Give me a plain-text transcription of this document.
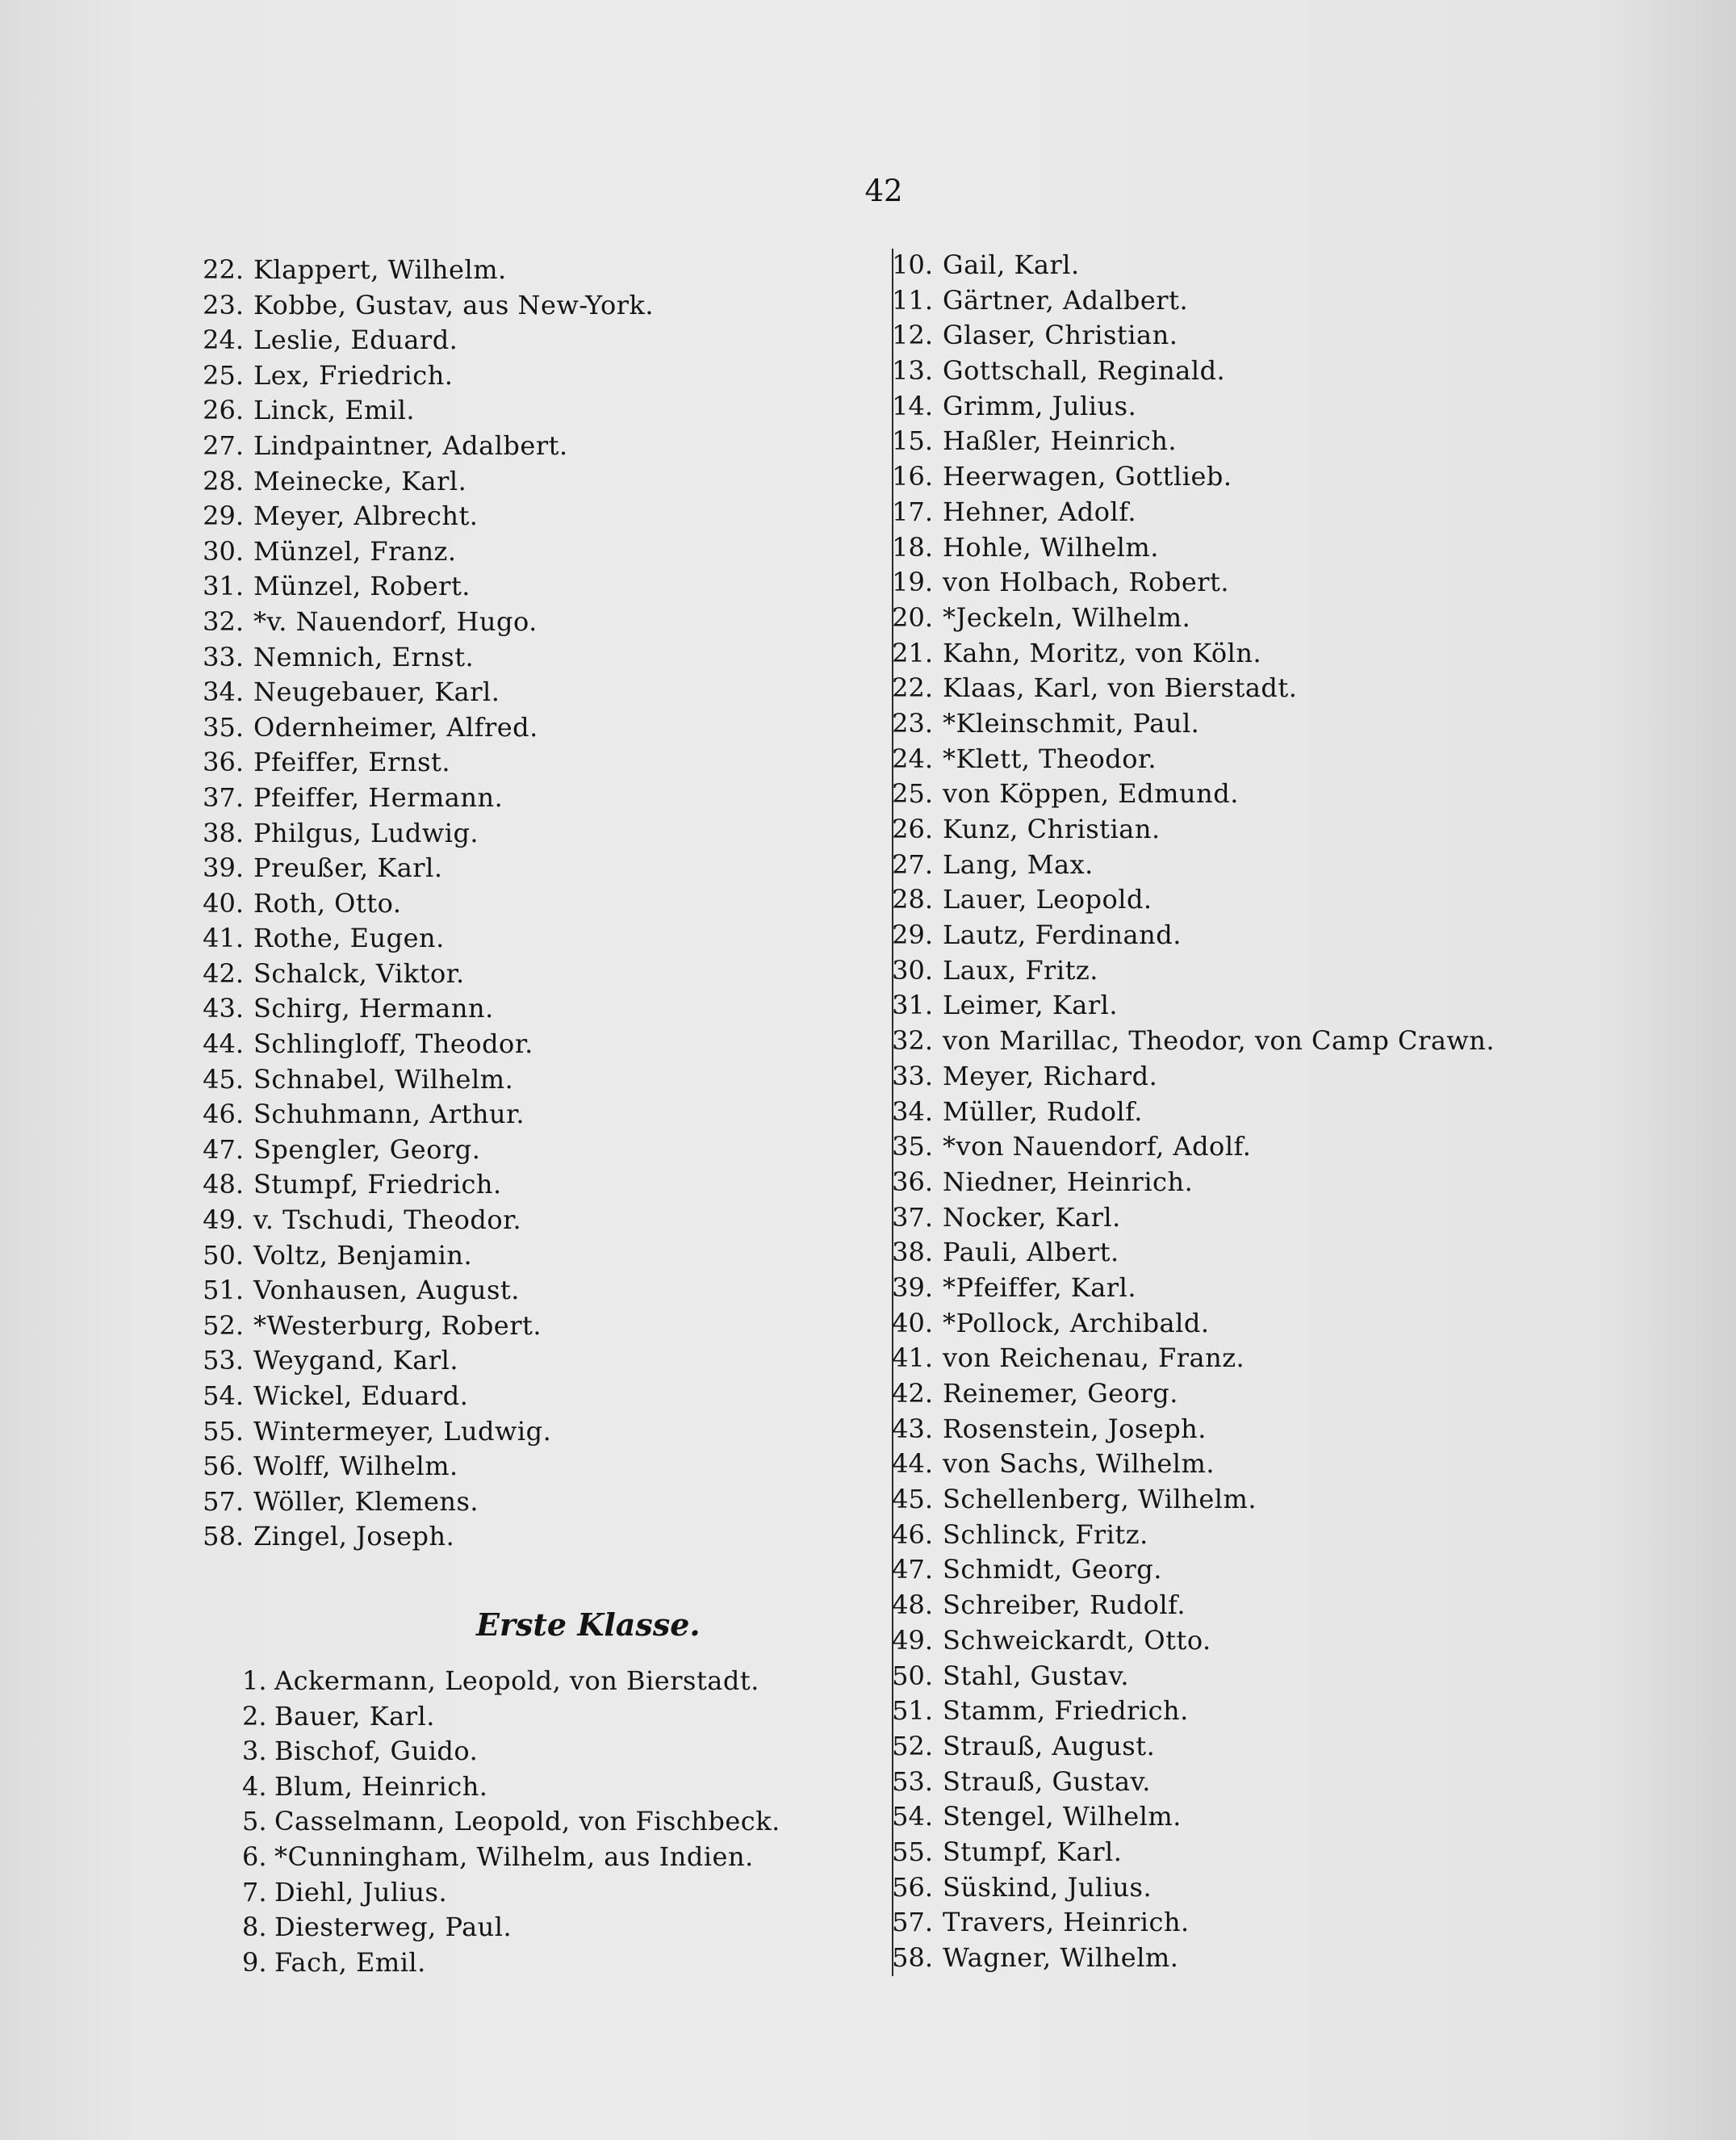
42
22. Klappert, Wilhelm.
23. Kobbe, Gustav, aus New-York.
24. Leslie, Eduard.
25. Lex, Friedrich.
26. Linck, Emil.
27. Lindpaintner, Adalbert.
28. Meinecke, Karl.
29. Meyer, Albrecht.
30. Münzel, Franz.
31. Münzel, Robert.
32. *v. Nauendorf, Hugo.
33. Nemnich, Ernst.
34. Neugebauer, Karl.
35. Odernheimer, Alfred.
36. Pfeiffer, Ernst.
37. Pfeiffer, Hermann.
38. Philgus, Ludwig.
39. Preußer, Karl.
40. Roth, Otto.
41. Rothe, Eugen.
42. Schalck, Viktor.
43. Schirg, Hermann.
44. Schlingloff, Theodor.
45. Schnabel, Wilhelm.
46. Schuhmann, Arthur.
47. Spengler, Georg.
48. Stumpf, Friedrich.
49. v. Tschudi, Theodor.
50. Voltz, Benjamin.
51. Vonhausen, August.
52. *Westerburg, Robert.
53. Weygand, Karl.
54. Wickel, Eduard.
55. Wintermeyer, Ludwig.
56. Wolff, Wilhelm.
57. Wöller, Klemens.
58. Zingel, Joseph.
Erste Klasse.
1. Ackermann, Leopold, von Bierstadt.
2. Bauer, Karl.
3. Bischof, Guido.
4. Blum, Heinrich.
5. Casselmann, Leopold, von Fischbeck.
6. *Cunningham, Wilhelm, aus Indien.
7. Diehl, Julius.
8. Diesterweg, Paul.
9. Fach, Emil.
10. Gail, Karl.
11. Gärtner, Adalbert.
12. Glaser, Christian.
13. Gottschall, Reginald.
14. Grimm, Julius.
15. Haßler, Heinrich.
16. Heerwagen, Gottlieb.
17. Hehner, Adolf.
18. Hohle, Wilhelm.
19. von Holbach, Robert.
20. *Jeckeln, Wilhelm.
21. Kahn, Moritz, von Köln.
22. Klaas, Karl, von Bierstadt.
23. *Kleinschmit, Paul.
24. *Klett, Theodor.
25. von Köppen, Edmund.
26. Kunz, Christian.
27. Lang, Max.
28. Lauer, Leopold.
29. Lautz, Ferdinand.
30. Laux, Fritz.
31. Leimer, Karl.
32. von Marillac, Theodor, von Camp Crawn.
33. Meyer, Richard.
34. Müller, Rudolf.
35. *von Nauendorf, Adolf.
36. Niedner, Heinrich.
37. Nocker, Karl.
38. Pauli, Albert.
39. *Pfeiffer, Karl.
40. *Pollock, Archibald.
41. von Reichenau, Franz.
42. Reinemer, Georg.
43. Rosenstein, Joseph.
44. von Sachs, Wilhelm.
45. Schellenberg, Wilhelm.
46. Schlinck, Fritz.
47. Schmidt, Georg.
48. Schreiber, Rudolf.
49. Schweickardt, Otto.
50. Stahl, Gustav.
51. Stamm, Friedrich.
52. Strauß, August.
53. Strauß, Gustav.
54. Stengel, Wilhelm.
55. Stumpf, Karl.
56. Süskind, Julius.
57. Travers, Heinrich.
58. Wagner, Wilhelm.
